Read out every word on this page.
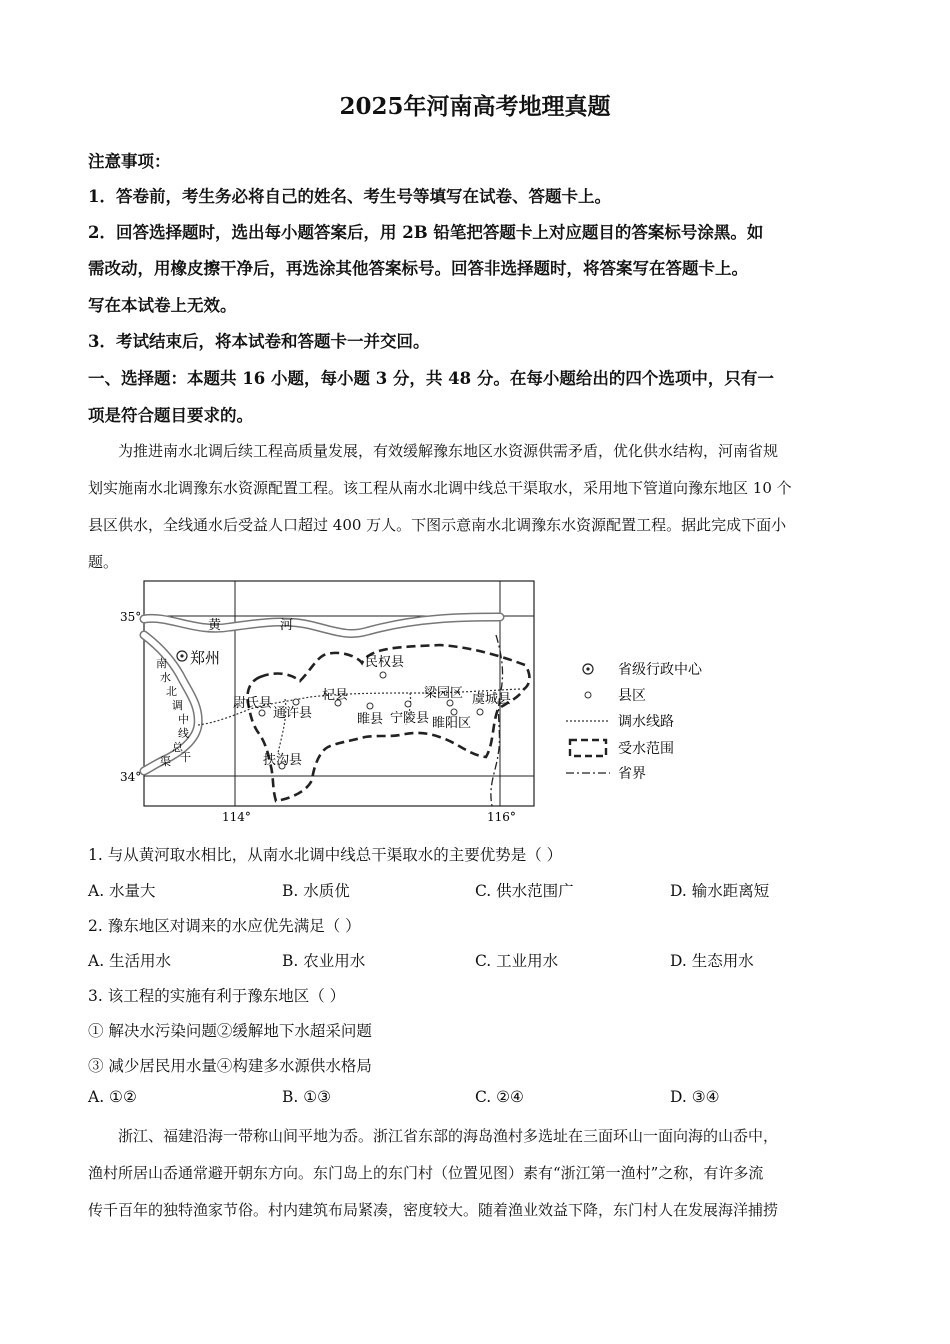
2025年河南高考地理真题
注意事项：
1．答卷前，考生务必将自己的姓名、考生号等填写在试卷、答题卡上。
2．回答选择题时，选出每小题答案后，用 2B 铅笔把答题卡上对应题目的答案标号涂黑。如
需改动，用橡皮擦干净后，再选涂其他答案标号。回答非选择题时，将答案写在答题卡上。
写在本试卷上无效。
3．考试结束后，将本试卷和答题卡一并交回。
一、选择题：本题共 16 小题，每小题 3 分，共 48 分。在每小题给出的四个选项中，只有一
项是符合题目要求的。
为推进南水北调后续工程高质量发展，有效缓解豫东地区水资源供需矛盾，优化供水结构，河南省规
划实施南水北调豫东水资源配置工程。该工程从南水北调中线总干渠取水，采用地下管道向豫东地区 10 个
县区供水，全线通水后受益人口超过 400 万人。下图示意南水北调豫东水资源配置工程。据此完成下面小
题。
35°
34°
114°	116°
黄	河
南
水
北
调
中
线
总
干
渠
郑州	民权县
尉氏县
杞县
通许县
梁园区 虞城县
睢县 宁陵县 睢阳区
扶沟县
省级行政中心
县区
调水线路
受水范围
省界
1. 与从黄河取水相比，从南水北调中线总干渠取水的主要优势是（ ）
A. 水量大	B. 水质优	C. 供水范围广	D. 输水距离短
2. 豫东地区对调来的水应优先满足（ ）
A. 生活用水	B. 农业用水	C. 工业用水	D. 生态用水
3. 该工程的实施有利于豫东地区（ ）
① 解决水污染问题②缓解地下水超采问题
③ 减少居民用水量④构建多水源供水格局
A. ①②	B. ①③	C. ②④	D. ③④
浙江、福建沿海一带称山间平地为岙。浙江省东部的海岛渔村多选址在三面环山一面向海的山岙中，
渔村所居山岙通常避开朝东方向。东门岛上的东门村（位置见图）素有“浙江第一渔村”之称，有许多流
传千百年的独特渔家节俗。村内建筑布局紧凑，密度较大。随着渔业效益下降，东门村人在发展海洋捕捞
